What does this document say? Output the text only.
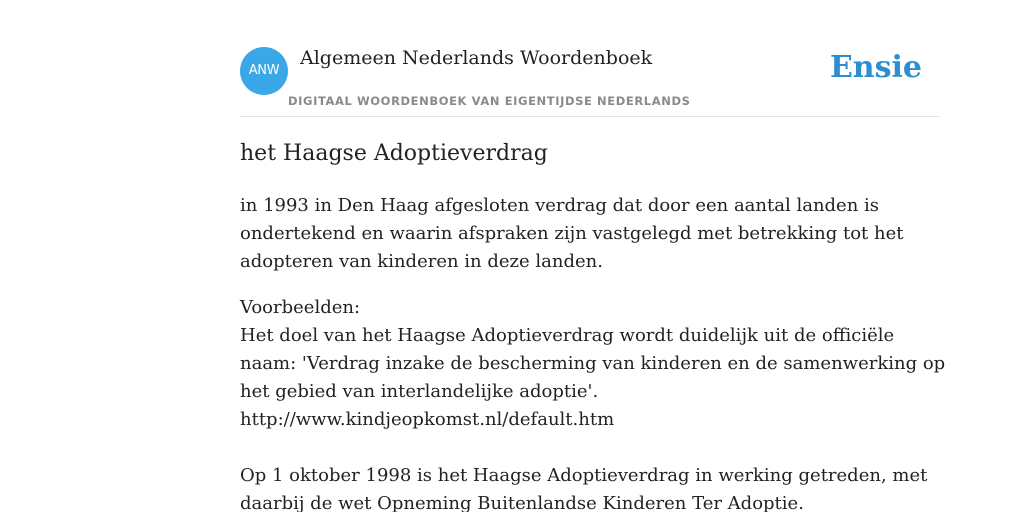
ANW
Algemeen Nederlands Woordenboek
DIGITAAL WOORDENBOEK VAN EIGENTIJDSE NEDERLANDS
Ensie
het Haagse Adoptieverdrag

in 1993 in Den Haag afgesloten verdrag dat door een aantal landen is ondertekend en waarin afspraken zijn vastgelegd met betrekking tot het adopteren van kinderen in deze landen.

Voorbeelden:
Het doel van het Haagse Adoptieverdrag wordt duidelijk uit de officiële naam: 'Verdrag inzake de bescherming van kinderen en de samenwerking op het gebied van interlandelijke adoptie'.
http://www.kindjeopkomst.nl/default.htm
Op 1 oktober 1998 is het Haagse Adoptieverdrag in werking getreden, met daarbij de wet Opneming Buitenlandse Kinderen Ter Adoptie.
